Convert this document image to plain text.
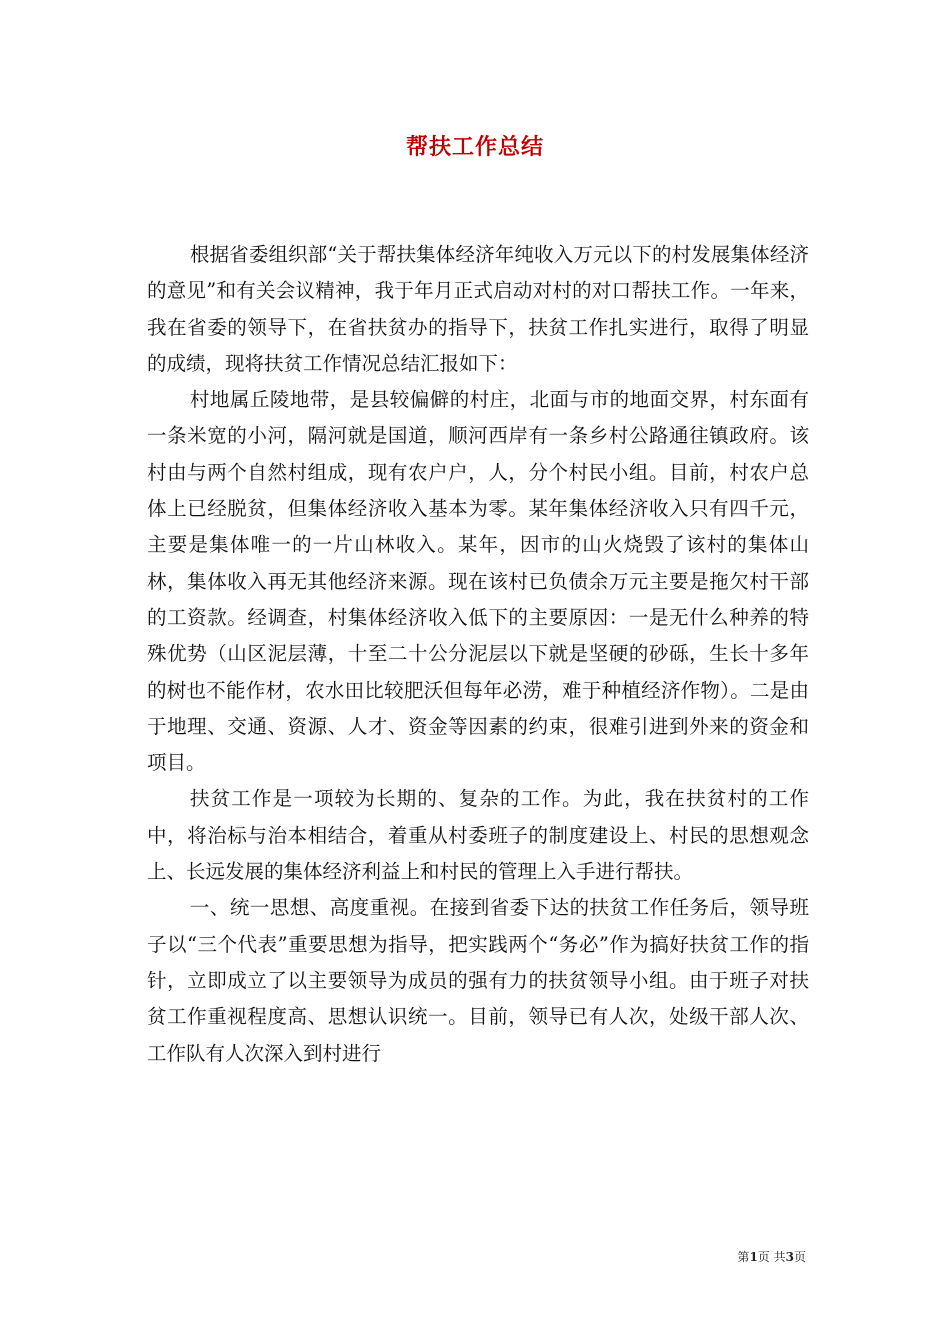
帮扶工作总结

根据省委组织部“关于帮扶集体经济年纯收入万元以下的村发展集体经济的意见”和有关会议精神，我于年月正式启动对村的对口帮扶工作。一年来，我在省委的领导下，在省扶贫办的指导下，扶贫工作扎实进行，取得了明显的成绩，现将扶贫工作情况总结汇报如下：

村地属丘陵地带，是县较偏僻的村庄，北面与市的地面交界，村东面有一条米宽的小河，隔河就是国道，顺河西岸有一条乡村公路通往镇政府。该村由与两个自然村组成，现有农户户，人，分个村民小组。目前，村农户总体上已经脱贫，但集体经济收入基本为零。某年集体经济收入只有四千元，主要是集体唯一的一片山林收入。某年，因市的山火烧毁了该村的集体山林，集体收入再无其他经济来源。现在该村已负债余万元主要是拖欠村干部的工资款。经调查，村集体经济收入低下的主要原因：一是无什么种养的特殊优势（山区泥层薄，十至二十公分泥层以下就是坚硬的砂砾，生长十多年的树也不能作材，农水田比较肥沃但每年必涝，难于种植经济作物）。二是由于地理、交通、资源、人才、资金等因素的约束，很难引进到外来的资金和项目。

扶贫工作是一项较为长期的、复杂的工作。为此，我在扶贫村的工作中，将治标与治本相结合，着重从村委班子的制度建设上、村民的思想观念上、长远发展的集体经济利益上和村民的管理上入手进行帮扶。

一、统一思想、高度重视。在接到省委下达的扶贫工作任务后，领导班子以“三个代表”重要思想为指导，把实践两个“务必”作为搞好扶贫工作的指针，立即成立了以主要领导为成员的强有力的扶贫领导小组。由于班子对扶贫工作重视程度高、思想认识统一。目前，领导已有人次，处级干部人次、工作队有人次深入到村进行

第1页 共3页
